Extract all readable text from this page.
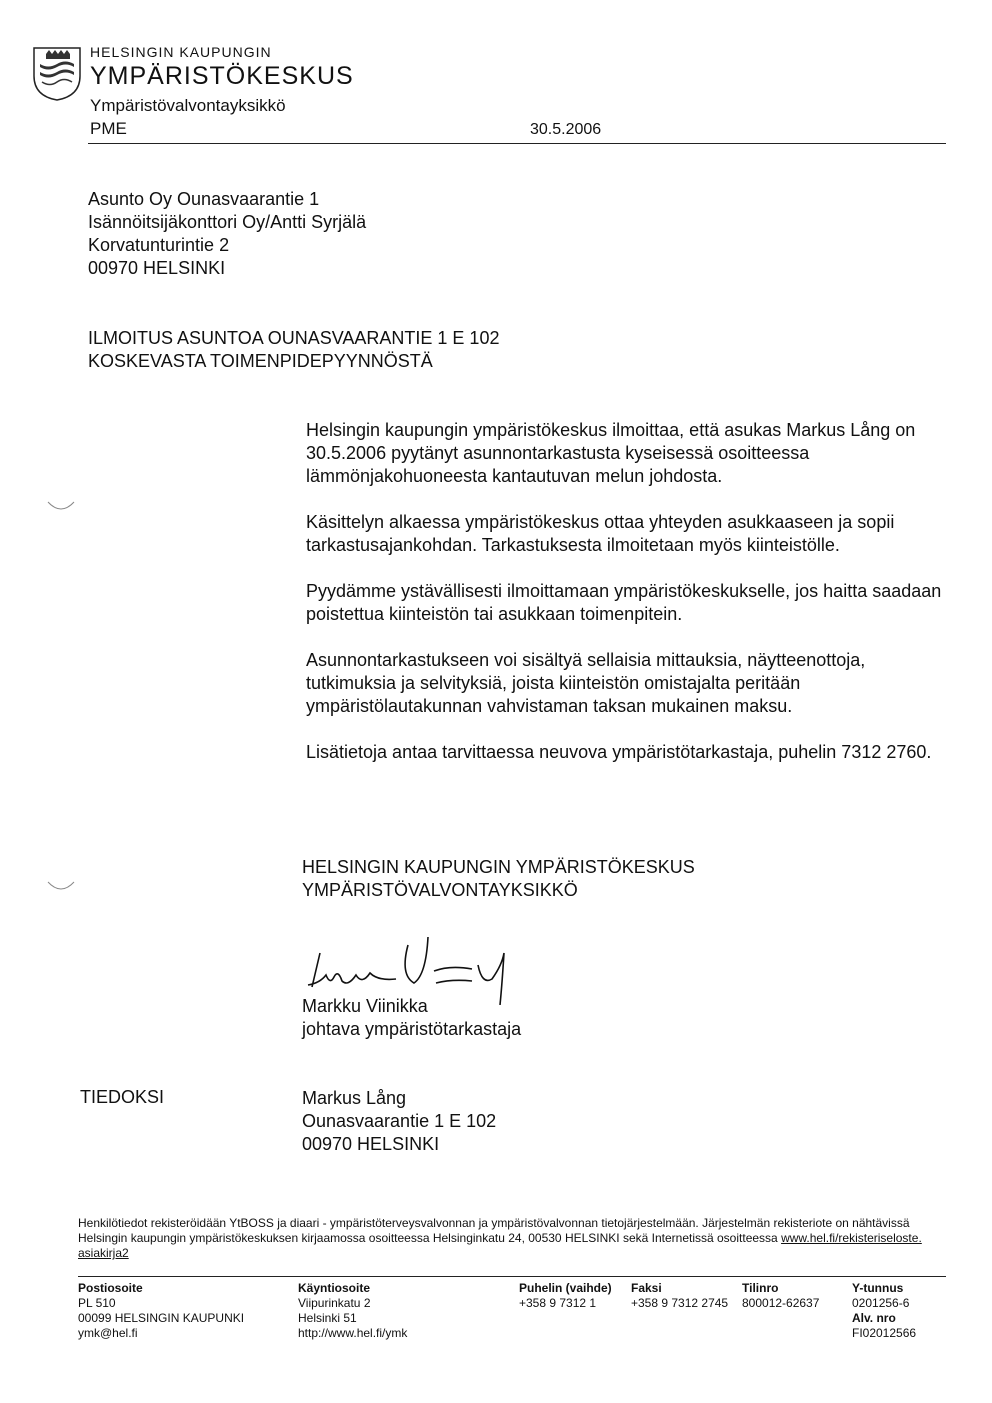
HELSINGIN KAUPUNGIN
YMPÄRISTÖKESKUS
Ympäristövalvontayksikkö
PME	30.5.2006
Asunto Oy Ounasvaarantie 1
Isännöitsijäkonttori Oy/Antti Syrjälä
Korvatunturintie 2
00970 HELSINKI
ILMOITUS ASUNTOA OUNASVAARANTIE 1 E 102
KOSKEVASTA TOIMENPIDEPYYNNÖSTÄ

Helsingin kaupungin ympäristökeskus ilmoittaa, että asukas Markus Lång on 30.5.2006 pyytänyt asunnontarkastusta kyseisessä osoitteessa lämmönjakohuoneesta kantautuvan melun johdosta.

Käsittelyn alkaessa ympäristökeskus ottaa yhteyden asukkaaseen ja sopii tarkastusajankohdan. Tarkastuksesta ilmoitetaan myös kiinteistölle.

Pyydämme ystävällisesti ilmoittamaan ympäristökeskukselle, jos haitta saadaan poistettua kiinteistön tai asukkaan toimenpitein.

Asunnontarkastukseen voi sisältyä sellaisia mittauksia, näytteenottoja, tutkimuksia ja selvityksiä, joista kiinteistön omistajalta peritään ympäristölautakunnan vahvistaman taksan mukainen maksu.

Lisätietoja antaa tarvittaessa neuvova ympäristötarkastaja, puhelin 7312 2760.

HELSINGIN KAUPUNGIN YMPÄRISTÖKESKUS
YMPÄRISTÖVALVONTAYKSIKKÖ
Markku Viinikka
johtava ympäristötarkastaja
TIEDOKSI	Markus Lång
Ounasvaarantie 1 E 102
00970 HELSINKI
Henkilötiedot rekisteröidään YtBOSS ja diaari - ympäristöterveysvalvonnan ja ympäristövalvonnan tietojärjestelmään. Järjestelmän rekisteriote on nähtävissä Helsingin kaupungin ympäristökeskuksen kirjaamossa osoitteessa Helsinginkatu 24, 00530 HELSINKI sekä Internetissä osoitteessa www.hel.fi/rekisteriseloste.
asiakirja2
Postiosoite
PL 510
00099 HELSINGIN KAUPUNKI
ymk@hel.fi
Käyntiosoite
Viipurinkatu 2
Helsinki 51
http://www.hel.fi/ymk
Puhelin (vaihde)
+358 9 7312 1
Faksi
+358 9 7312 2745
Tilinro
800012-62637
Y-tunnus
0201256-6
Alv. nro
FI02012566
